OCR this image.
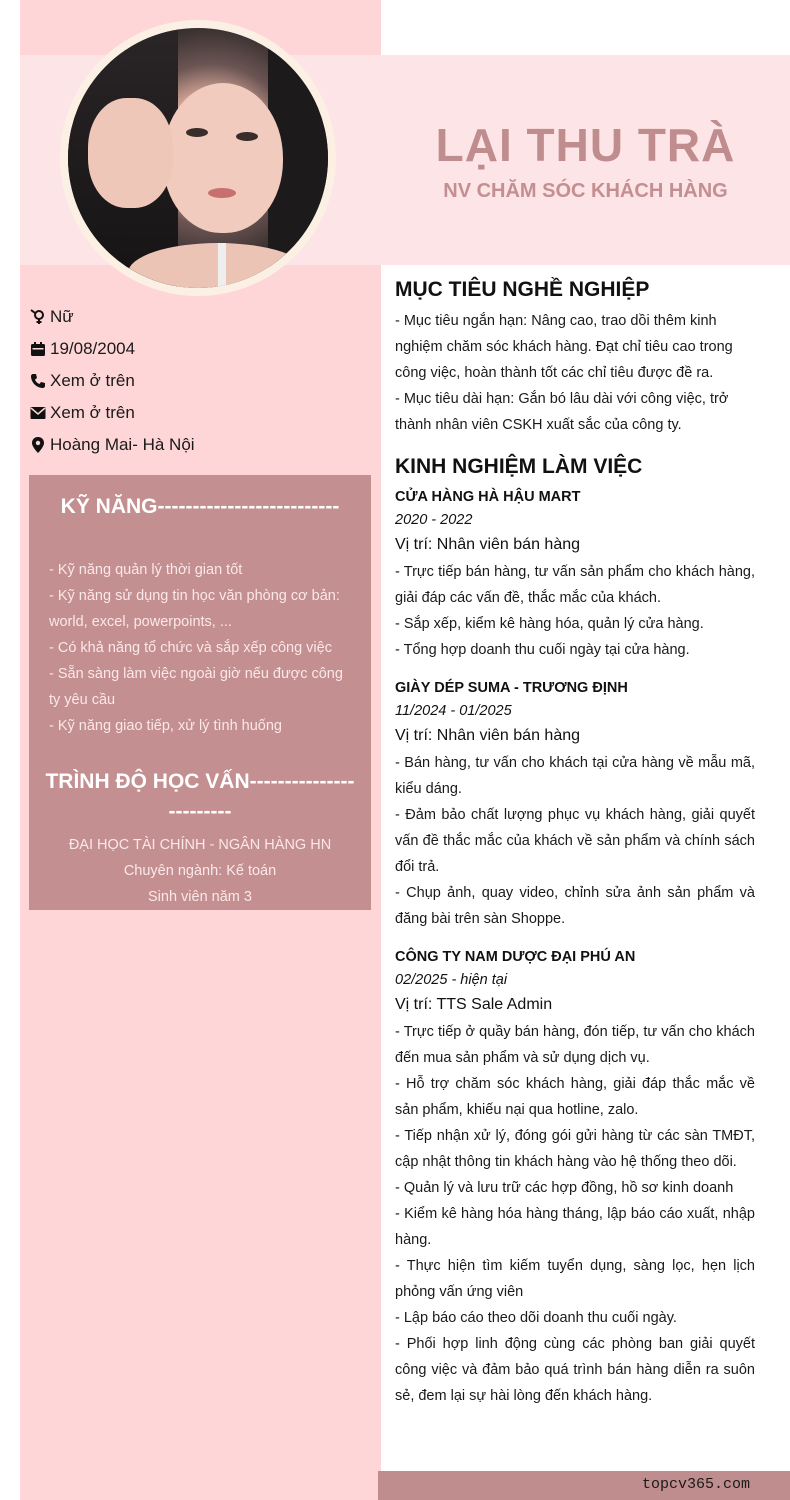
LẠI THU TRÀ
NV CHĂM SÓC KHÁCH HÀNG
Nữ
19/08/2004
Xem ở trên
Xem ở trên
Hoàng Mai- Hà Nội
KỸ NĂNG--------------------------
- Kỹ năng quản lý thời gian tốt
- Kỹ năng sử dụng tin học văn phòng cơ bản: world, excel, powerpoints, ...
- Có khả năng tổ chức và sắp xếp công việc
- Sẵn sàng làm việc ngoài giờ nếu được công ty yêu cầu
- Kỹ năng giao tiếp, xử lý tình huống
TRÌNH ĐỘ HỌC VẤN------------------------
ĐẠI HỌC TÀI CHÍNH - NGÂN HÀNG HN
Chuyên ngành: Kế toán
Sinh viên năm 3
MỤC TIÊU NGHỀ NGHIỆP
- Mục tiêu ngắn hạn: Nâng cao, trao dồi thêm kinh nghiệm chăm sóc khách hàng. Đạt chỉ tiêu cao trong công việc, hoàn thành tốt các chỉ tiêu được đề ra.
- Mục tiêu dài hạn: Gắn bó lâu dài với công việc, trở thành nhân viên CSKH xuất sắc của công ty.
KINH NGHIỆM LÀM VIỆC
CỬA HÀNG HÀ HẬU MART
2020 - 2022
Vị trí: Nhân viên bán hàng
- Trực tiếp bán hàng, tư vấn sản phẩm cho khách hàng, giải đáp các vấn đề, thắc mắc của khách.
- Sắp xếp, kiểm kê hàng hóa, quản lý cửa hàng.
- Tổng hợp doanh thu cuối ngày tại cửa hàng.
GIÀY DÉP SUMA - TRƯƠNG ĐỊNH
11/2024 - 01/2025
Vị trí: Nhân viên bán hàng
- Bán hàng, tư vấn cho khách tại cửa hàng về mẫu mã, kiểu dáng.
- Đảm bảo chất lượng phục vụ khách hàng, giải quyết vấn đề thắc mắc của khách về sản phẩm và chính sách đổi trả.
- Chụp ảnh, quay video, chỉnh sửa ảnh sản phẩm và đăng bài trên sàn Shoppe.
CÔNG TY NAM DƯỢC ĐẠI PHÚ AN
02/2025 - hiện tại
Vị trí: TTS Sale Admin
- Trực tiếp ở quầy bán hàng, đón tiếp, tư vấn cho khách đến mua sản phẩm và sử dụng dịch vụ.
- Hỗ trợ chăm sóc khách hàng, giải đáp thắc mắc về sản phẩm, khiếu nại qua hotline, zalo.
- Tiếp nhận xử lý, đóng gói gửi hàng từ các sàn TMĐT, cập nhật thông tin khách hàng vào hệ thống theo dõi.
- Quản lý và lưu trữ các hợp đồng, hồ sơ kinh doanh
- Kiểm kê hàng hóa hàng tháng, lập báo cáo xuất, nhập hàng.
- Thực hiện tìm kiếm tuyển dụng, sàng lọc, hẹn lịch phỏng vấn ứng viên
- Lập báo cáo theo dõi doanh thu cuối ngày.
- Phối hợp linh động cùng các phòng ban giải quyết công việc và đảm bảo quá trình bán hàng diễn ra suôn sẻ, đem lại sự hài lòng đến khách hàng.
topcv365.com
